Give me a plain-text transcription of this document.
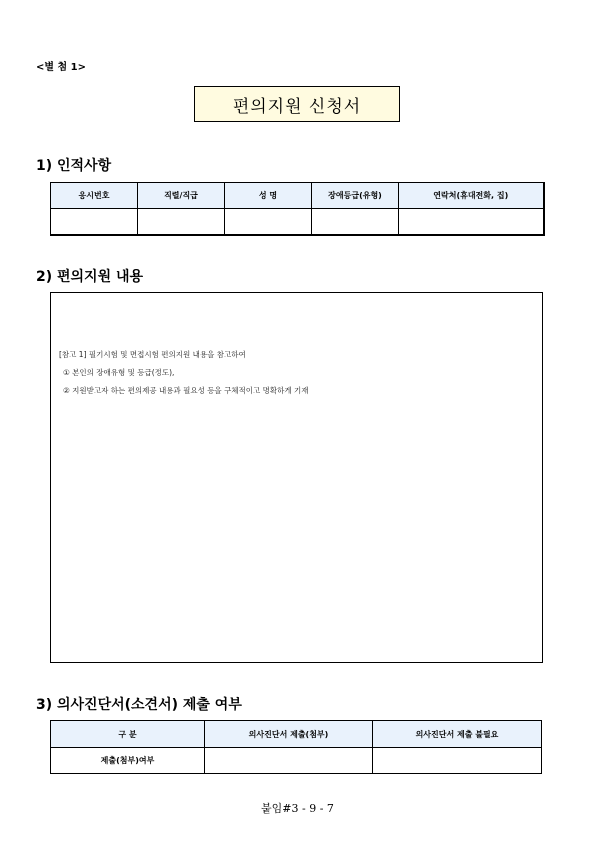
<별 첨 1>
편의지원 신청서
1) 인적사항
응시번호	직렬/직급	성 명	장애등급(유형)	연락처(휴대전화, 집)

2) 편의지원 내용
[참고 1] 필기시험 및 면접시험 편의지원 내용을 참고하여
① 본인의 장애유형 및 등급(정도),
② 지원받고자 하는 편의제공 내용과 필요성 등을 구체적이고 명확하게 기재
3) 의사진단서(소견서) 제출 여부
구 분	의사진단서 제출(첨부)	의사진단서 제출 불필요
제출(첨부)여부		
붙임#3 - 9 - 7
